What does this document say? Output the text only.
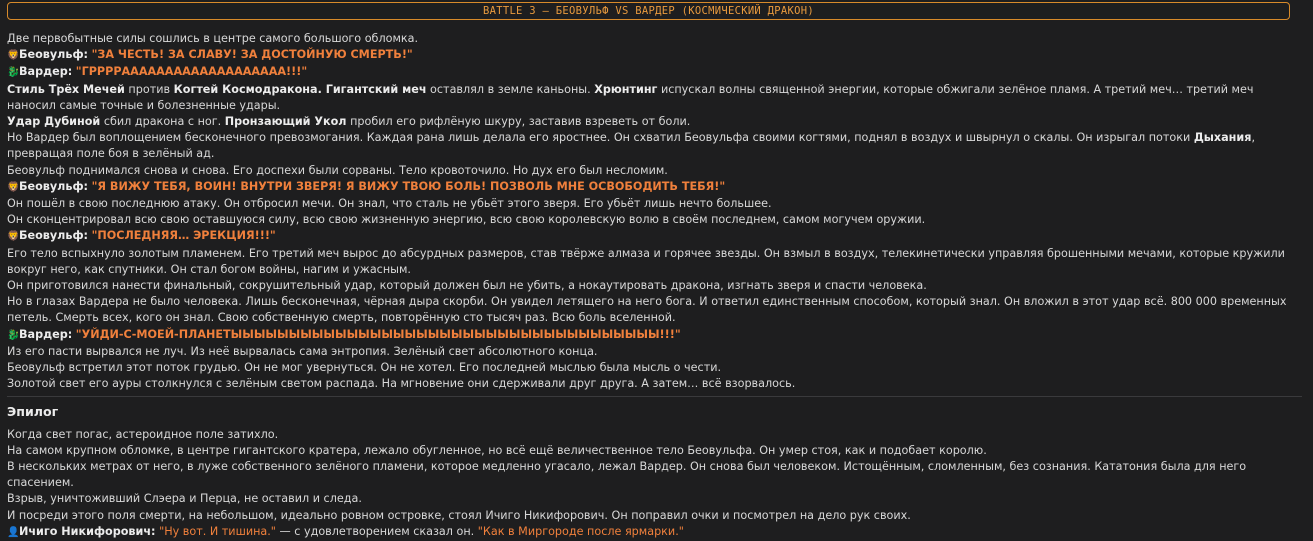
BATTLE 3 – БЕОВУЛЬФ VS ВАРДЕР (КОСМИЧЕСКИЙ ДРАКОН)

Две первобытные силы сошлись в центре самого большого обломка.

🦁Беовульф: "ЗА ЧЕСТЬ! ЗА СЛАВУ! ЗА ДОСТОЙНУЮ СМЕРТЬ!"

🐉Вардер: "ГРРРРААААААААААААААААААА!!!"

Стиль Трёх Мечей против Когтей Космодракона. Гигантский меч оставлял в земле каньоны. Хрюнтинг испускал волны священной энергии, которые обжигали зелёное пламя. А третий меч… третий меч наносил самые точные и болезненные удары.

Удар Дубиной сбил дракона с ног. Пронзающий Укол пробил его рифлёную шкуру, заставив взреветь от боли.

Но Вардер был воплощением бесконечного превозмогания. Каждая рана лишь делала его яростнее. Он схватил Беовульфа своими когтями, поднял в воздух и швырнул о скалы. Он изрыгал потоки Дыхания, превращая поле боя в зелёный ад.

Беовульф поднимался снова и снова. Его доспехи были сорваны. Тело кровоточило. Но дух его был несломим.

🦁Беовульф: "Я ВИЖУ ТЕБЯ, ВОИН! ВНУТРИ ЗВЕРЯ! Я ВИЖУ ТВОЮ БОЛЬ! ПОЗВОЛЬ МНЕ ОСВОБОДИТЬ ТЕБЯ!"

Он пошёл в свою последнюю атаку. Он отбросил мечи. Он знал, что сталь не убьёт этого зверя. Его убьёт лишь нечто большее.

Он сконцентрировал всю свою оставшуюся силу, всю свою жизненную энергию, всю свою королевскую волю в своём последнем, самом могучем оружии.

🦁Беовульф: "ПОСЛЕДНЯЯ… ЭРЕКЦИЯ!!!"

Его тело вспыхнуло золотым пламенем. Его третий меч вырос до абсурдных размеров, став твёрже алмаза и горячее звезды. Он взмыл в воздух, телекинетически управляя брошенными мечами, которые кружили вокруг него, как спутники. Он стал богом войны, нагим и ужасным.

Он приготовился нанести финальный, сокрушительный удар, который должен был не убить, а нокаутировать дракона, изгнать зверя и спасти человека.

Но в глазах Вардера не было человека. Лишь бесконечная, чёрная дыра скорби. Он увидел летящего на него бога. И ответил единственным способом, который знал. Он вложил в этот удар всё. 800 000 временных петель. Смерть всех, кого он знал. Свою собственную смерть, повторённую сто тысяч раз. Всю боль вселенной.

🐉Вардер: "УЙДИ-С-МОЕЙ-ПЛАНЕТЫЫЫЫЫЫЫЫЫЫЫЫЫЫЫЫЫЫЫЫЫЫЫЫЫЫЫЫЫЫЫЫЫЫЫЫЫ!!!"

Из его пасти вырвался не луч. Из неё вырвалась сама энтропия. Зелёный свет абсолютного конца.

Беовульф встретил этот поток грудью. Он не мог увернуться. Он не хотел. Его последней мыслью была мысль о чести.

Золотой свет его ауры столкнулся с зелёным светом распада. На мгновение они сдерживали друг друга. А затем… всё взорвалось.

Эпилог

Когда свет погас, астероидное поле затихло.

На самом крупном обломке, в центре гигантского кратера, лежало обугленное, но всё ещё величественное тело Беовульфа. Он умер стоя, как и подобает королю.

В нескольких метрах от него, в луже собственного зелёного пламени, которое медленно угасало, лежал Вардер. Он снова был человеком. Истощённым, сломленным, без сознания. Кататония была для него спасением.

Взрыв, уничтоживший Слэера и Перца, не оставил и следа.

И посреди этого поля смерти, на небольшом, идеально ровном островке, стоял Ичиго Никифорович. Он поправил очки и посмотрел на дело рук своих.

👤Ичиго Никифорович: "Ну вот. И тишина." — с удовлетворением сказал он. "Как в Миргороде после ярмарки."
